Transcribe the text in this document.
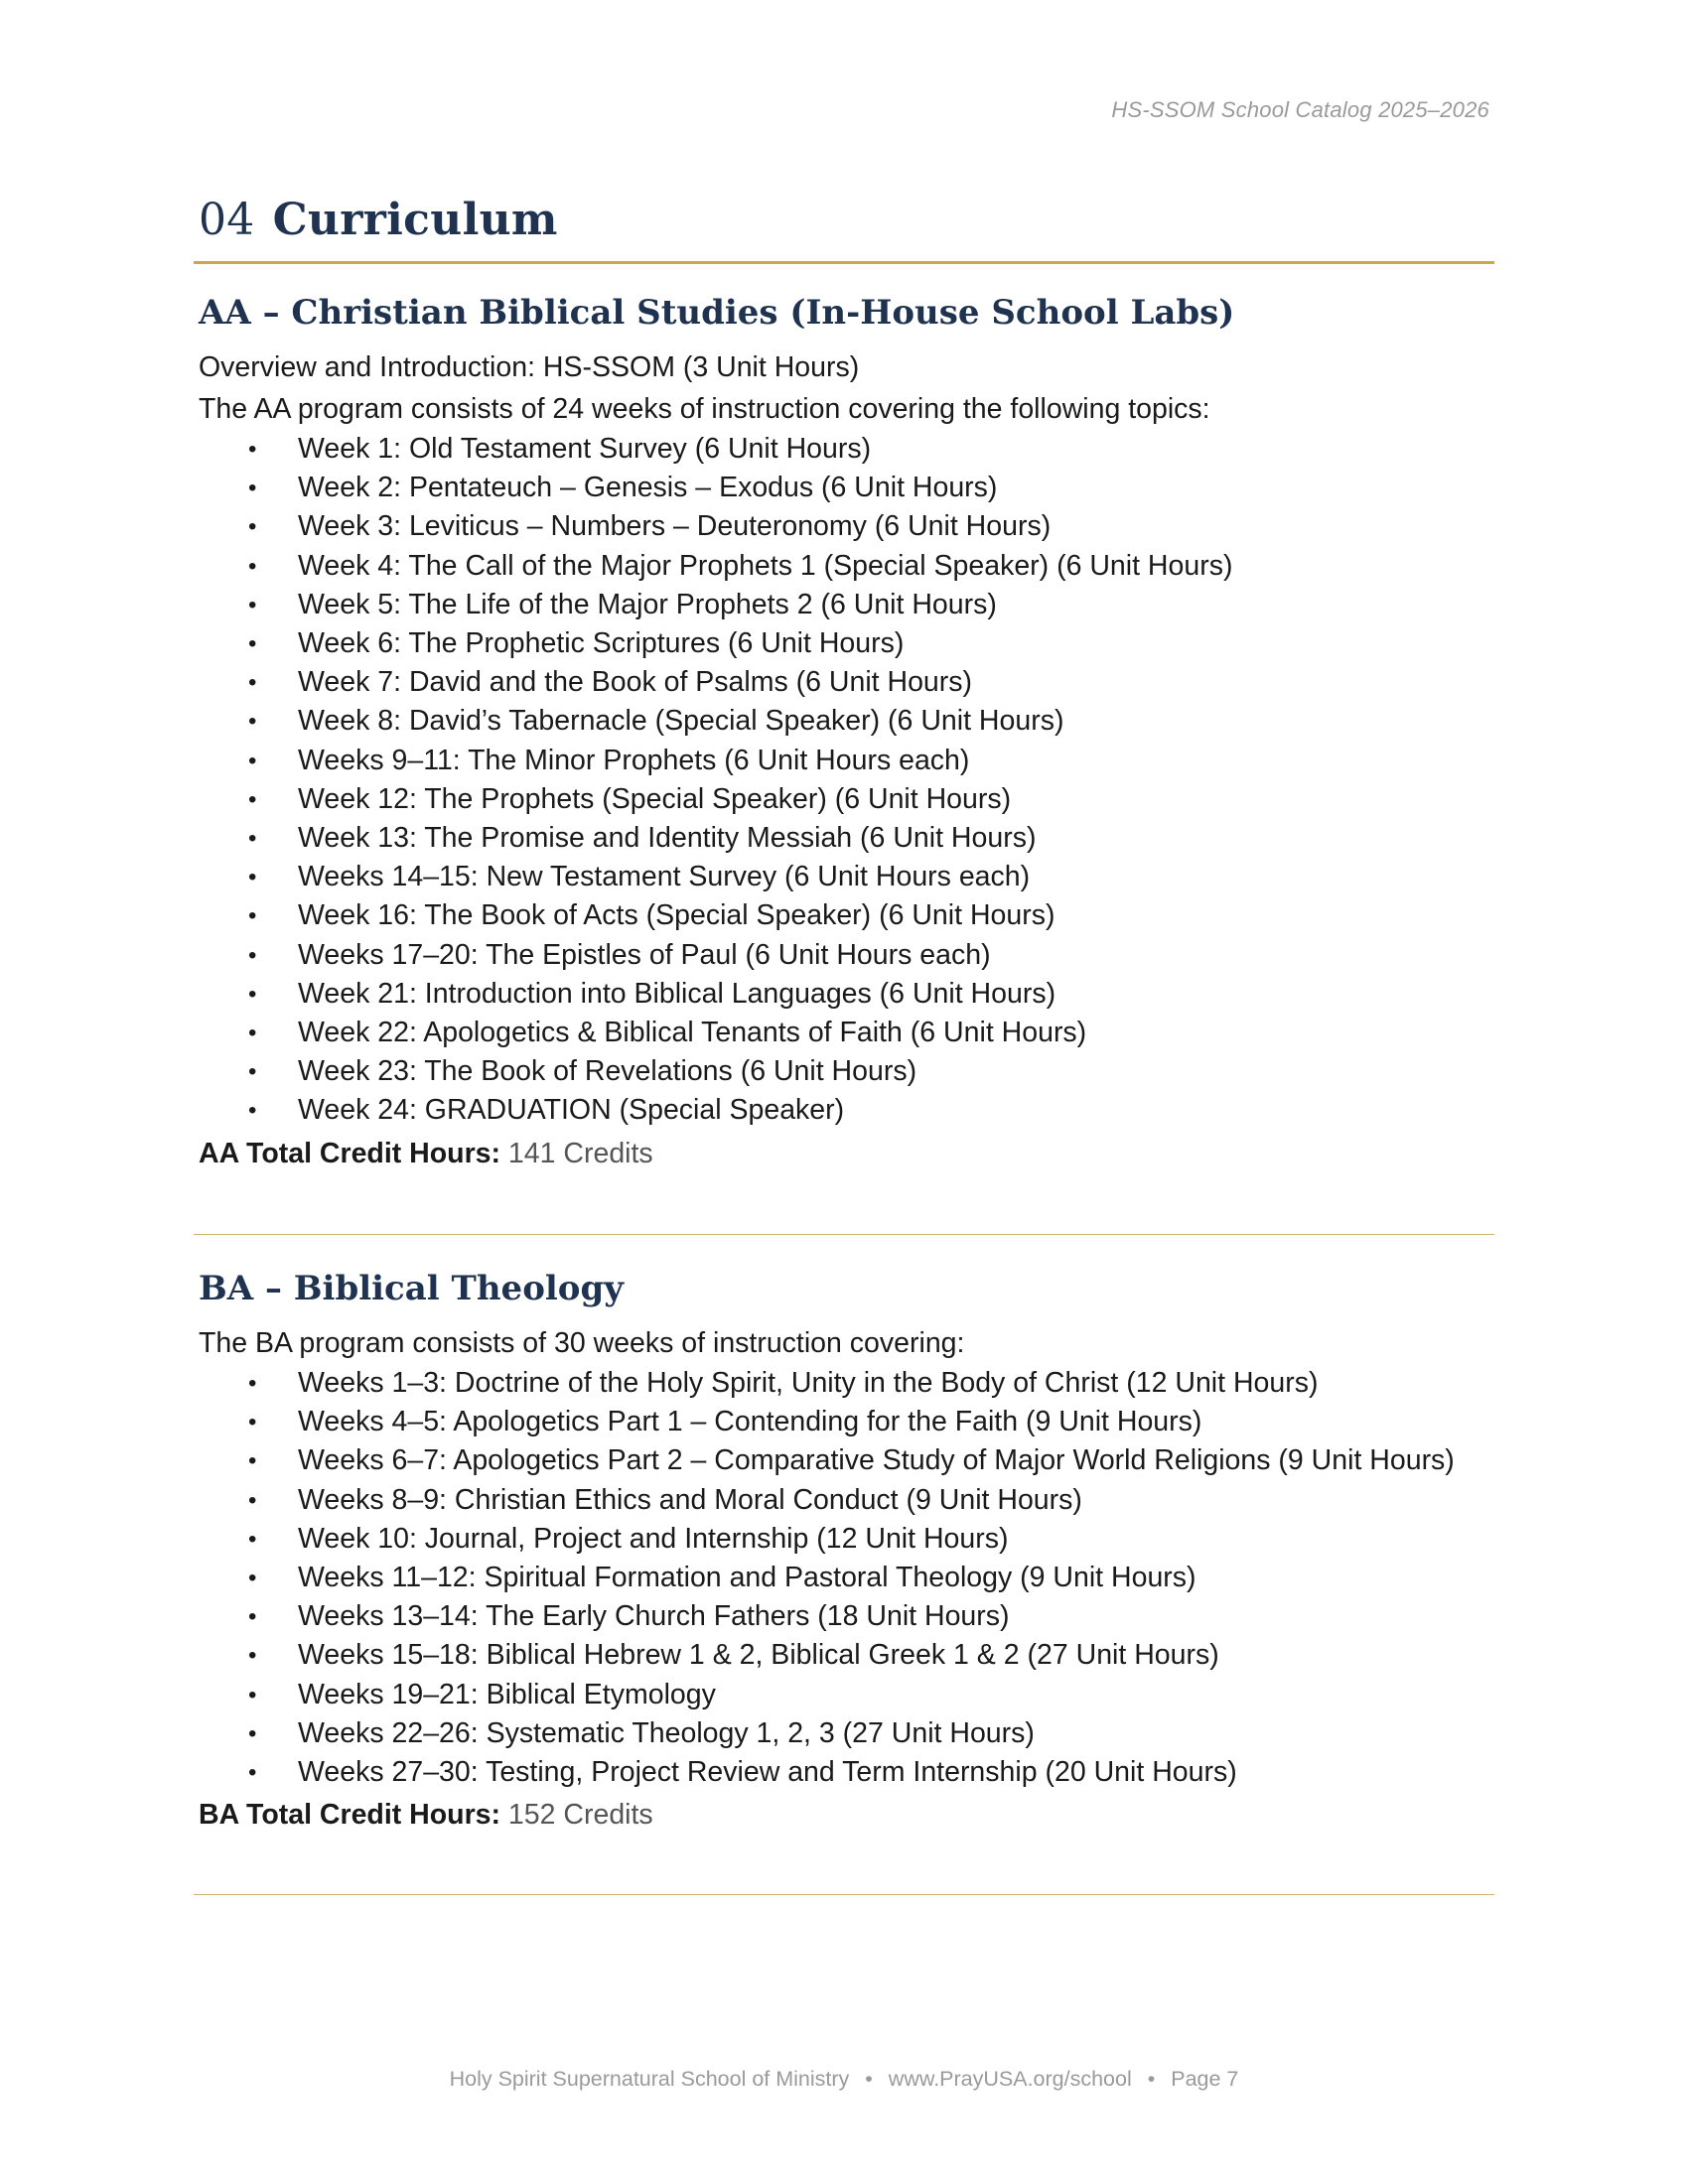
HS-SSOM School Catalog 2025–2026
04 Curriculum
AA – Christian Biblical Studies (In-House School Labs)

Overview and Introduction: HS-SSOM (3 Unit Hours)

The AA program consists of 24 weeks of instruction covering the following topics:

• Week 1: Old Testament Survey (6 Unit Hours)
• Week 2: Pentateuch – Genesis – Exodus (6 Unit Hours)
• Week 3: Leviticus – Numbers – Deuteronomy (6 Unit Hours)
• Week 4: The Call of the Major Prophets 1 (Special Speaker) (6 Unit Hours)
• Week 5: The Life of the Major Prophets 2 (6 Unit Hours)
• Week 6: The Prophetic Scriptures (6 Unit Hours)
• Week 7: David and the Book of Psalms (6 Unit Hours)
• Week 8: David’s Tabernacle (Special Speaker) (6 Unit Hours)
• Weeks 9–11: The Minor Prophets (6 Unit Hours each)
• Week 12: The Prophets (Special Speaker) (6 Unit Hours)
• Week 13: The Promise and Identity Messiah (6 Unit Hours)
• Weeks 14–15: New Testament Survey (6 Unit Hours each)
• Week 16: The Book of Acts (Special Speaker) (6 Unit Hours)
• Weeks 17–20: The Epistles of Paul (6 Unit Hours each)
• Week 21: Introduction into Biblical Languages (6 Unit Hours)
• Week 22: Apologetics & Biblical Tenants of Faith (6 Unit Hours)
• Week 23: The Book of Revelations (6 Unit Hours)
• Week 24: GRADUATION (Special Speaker)

AA Total Credit Hours: 141 Credits

BA – Biblical Theology

The BA program consists of 30 weeks of instruction covering:

• Weeks 1–3: Doctrine of the Holy Spirit, Unity in the Body of Christ (12 Unit Hours)
• Weeks 4–5: Apologetics Part 1 – Contending for the Faith (9 Unit Hours)
• Weeks 6–7: Apologetics Part 2 – Comparative Study of Major World Religions (9 Unit Hours)
• Weeks 8–9: Christian Ethics and Moral Conduct (9 Unit Hours)
• Week 10: Journal, Project and Internship (12 Unit Hours)
• Weeks 11–12: Spiritual Formation and Pastoral Theology (9 Unit Hours)
• Weeks 13–14: The Early Church Fathers (18 Unit Hours)
• Weeks 15–18: Biblical Hebrew 1 & 2, Biblical Greek 1 & 2 (27 Unit Hours)
• Weeks 19–21: Biblical Etymology
• Weeks 22–26: Systematic Theology 1, 2, 3 (27 Unit Hours)
• Weeks 27–30: Testing, Project Review and Term Internship (20 Unit Hours)

BA Total Credit Hours: 152 Credits

Holy Spirit Supernatural School of Ministry • www.PrayUSA.org/school • Page 7
